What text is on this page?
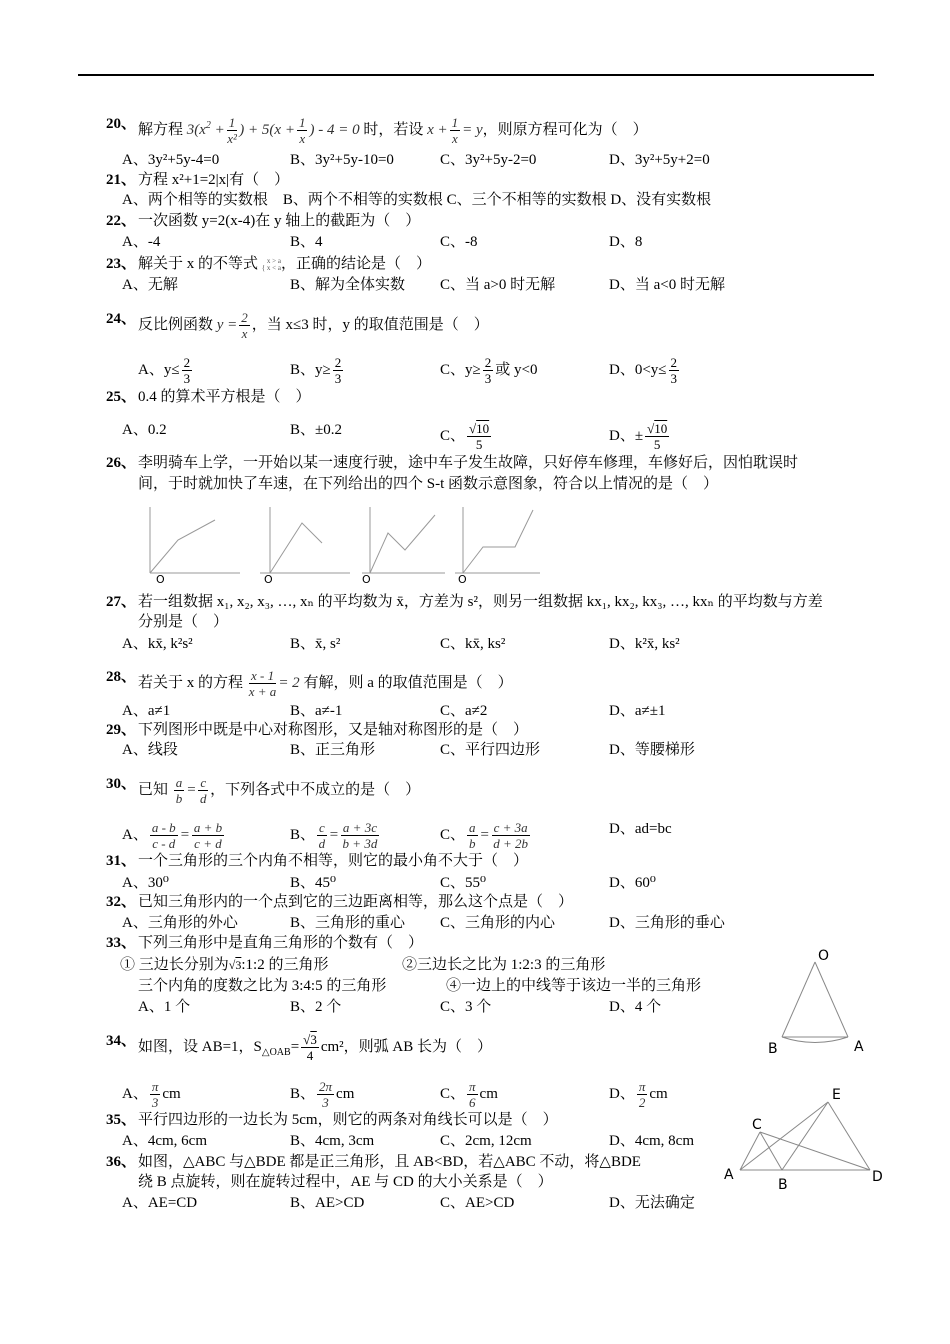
20、 解方程 $3(x^2 + \frac{1}{\text{x²}}$ ) + $5(x + \frac{1}{x}$ ) - 4 = 0 时，若设 $x + \frac{1}{x} = y$，则原方程可化为（　）
A、3y²+5y-4=0	B、3y²+5y-10=0	C、3y²+5y-2=0	D、3y²+5y+2=0
21、 方程 x²+1=2|x|有（　）
A、两个相等的实数根　B、两个不相等的实数根 C、三个不相等的实数根 D、没有实数根
22、 一次函数 y=2(x-4)在 y 轴上的截距为（　）
A、-4	B、4	C、-8	D、8
23、 解关于 x 的不等式 {
x > a
x < a ，正确的结论是（　）
A、无解	B、解为全体实数 C、当 a>0 时无解	D、当 a<0 时无解
24、 反比例函数 $y = \frac{2}{x}$ ，当 x≤3 时，y 的取值范围是（　）
A、$y\le \frac{2}{3}$	B、$y\ge \frac{2}{3}$	C、$y\ge \frac{2}{3}$ 或 y<0	D、$0<y\le \frac{2}{3}$
25、 0.4 的算术平方根是（　）
A、0.2	B、±0.2	C、 $\frac{√10}{5}$	D、± $\frac{√10}{5}$
26、 李明骑车上学，一开始以某一速度行驶，途中车子发生故障，只好停车修理，车修好后，因怕耽误时
间，于时就加快了车速，在下列给出的四个 S-t 函数示意图象，符合以上情况的是（　）
O	O	O	O
27、 若一组数据 x₁, x₂, x₃, …, xₙ 的平均数为 x̄，方差为 s²，则另一组数据 kx₁, kx₂, kx₃, …, kxₙ 的平均数与方差
分别是（　）
A、kx̄, k²s²	B、x̄, s²	C、kx̄, ks²	D、k²x̄, ks²
28、 若关于 x 的方程 $\frac{x - 1}{x + a} = 2$ 有解，则 a 的取值范围是（　）
A、a≠1	B、a≠-1	C、a≠2	D、a≠±1
29、 下列图形中既是中心对称图形，又是轴对称图形的是（　）
A、线段	B、正三角形	C、平行四边形	D、等腰梯形
30、 已知 $\frac{a}{b} = \frac{c}{d}$ ，下列各式中不成立的是（　）
A、 $\frac{a - b}{c - d} = \frac{a + b}{c + d}$	B、 $\frac{c}{d} = \frac{a + 3c}{b + 3d}$	C、 $\frac{a}{b} = \frac{c + 3a}{d + 2b}$	D、ad=bc
31、 一个三角形的三个内角不相等，则它的最小角不大于（　）
A、30⁰	B、45⁰	C、55⁰	D、60⁰
32、 已知三角形内的一个点到它的三边距离相等，那么这个点是（　）
A、三角形的外心	B、三角形的重心 C、三角形的内心	D、三角形的垂心
33、 下列三角形中是直角三角形的个数有（　）
① 三边长分别为√3:1:2 的三角形	②三边长之比为 1:2:3 的三角形
三个内角的度数之比为 3:4:5 的三角形	④一边上的中线等于该边一半的三角形
A、1 个	B、2 个	C、3 个	D、4 个
34、 如图，设 AB=1，$S_{\triangle OAB}= \frac{√3}{4} cm^2$，则弧 AB 长为（　）
A、 $\frac{\pi}{3}$ cm	B、 $\frac{2\pi}{3}$ cm	C、 $\frac{\pi}{6}$ cm	D、 $\frac{\pi}{2}$ cm
35、 平行四边形的一边长为 5cm，则它的两条对角线长可以是（　）
A、4cm, 6cm	B、4cm, 3cm	C、2cm, 12cm	D、4cm, 8cm
36、 如图，△ABC 与△BDE 都是正三角形，且 AB<BD，若△ABC 不动，将△BDE
绕 B 点旋转，则在旋转过程中，AE 与 CD 的大小关系是（　）
A、AE=CD	B、AE>CD	C、AE>CD	D、无法确定
O
B	A
E
C
A
B	D
